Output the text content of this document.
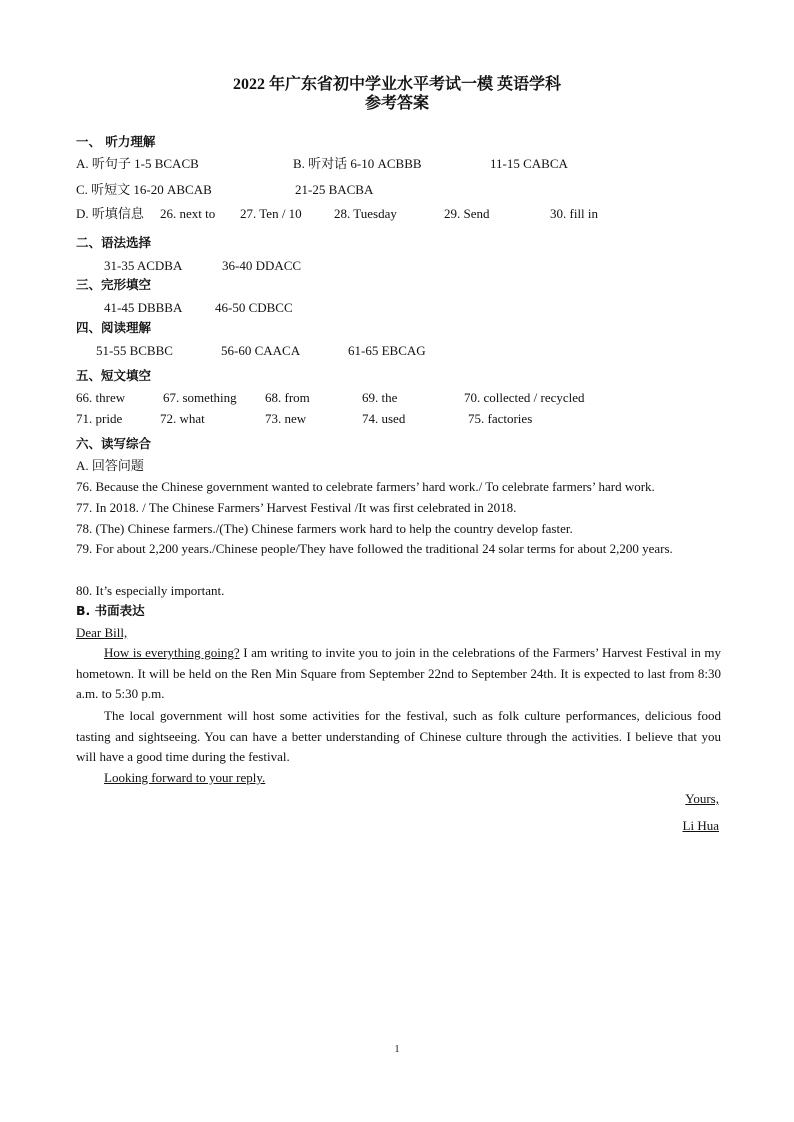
2022 年广东省初中学业水平考试一模 英语学科
参考答案
一、 听力理解
A. 听句子 1-5 BCACB	B. 听对话 6-10 ACBBB	11-15 CABCA
C. 听短文 16-20 ABCAB	21-25 BACBA
D. 听填信息 26. next to 27. Ten / 10 28. Tuesday	29. Send	30. fill in
二、语法选择
31-35 ACDBA	36-40 DDACC
三、完形填空
41-45 DBBBA	46-50 CDBCC
四、阅读理解
51-55 BCBBC	56-60 CAACA	61-65 EBCAG
五、短文填空
66. threw	67. something 68. from	69. the	70. collected / recycled
71. pride	72. what	73. new	74. used	75. factories
六、读写综合
A. 回答问题
76. Because the Chinese government wanted to celebrate farmers’ hard work./ To celebrate farmers’ hard work.
77. In 2018. / The Chinese Farmers’ Harvest Festival /It was first celebrated in 2018.
78. (The) Chinese farmers./(The) Chinese farmers work hard to help the country develop faster.
79. For about 2,200 years./Chinese people/They have followed the traditional 24 solar terms for about 2,200 years.
80. It’s especially important.
B. 书面表达
Dear Bill,
How is everything going? I am writing to invite you to join in the celebrations of the Farmers’ Harvest Festival in my hometown. It will be held on the Ren Min Square from September 22nd to September 24th. It is expected to last from 8:30 a.m. to 5:30 p.m.
The local government will host some activities for the festival, such as folk culture performances, delicious food tasting and sightseeing. You can have a better understanding of Chinese culture through the activities. I believe that you will have a good time during the festival.
Looking forward to your reply.
Yours,
Li Hua
1
